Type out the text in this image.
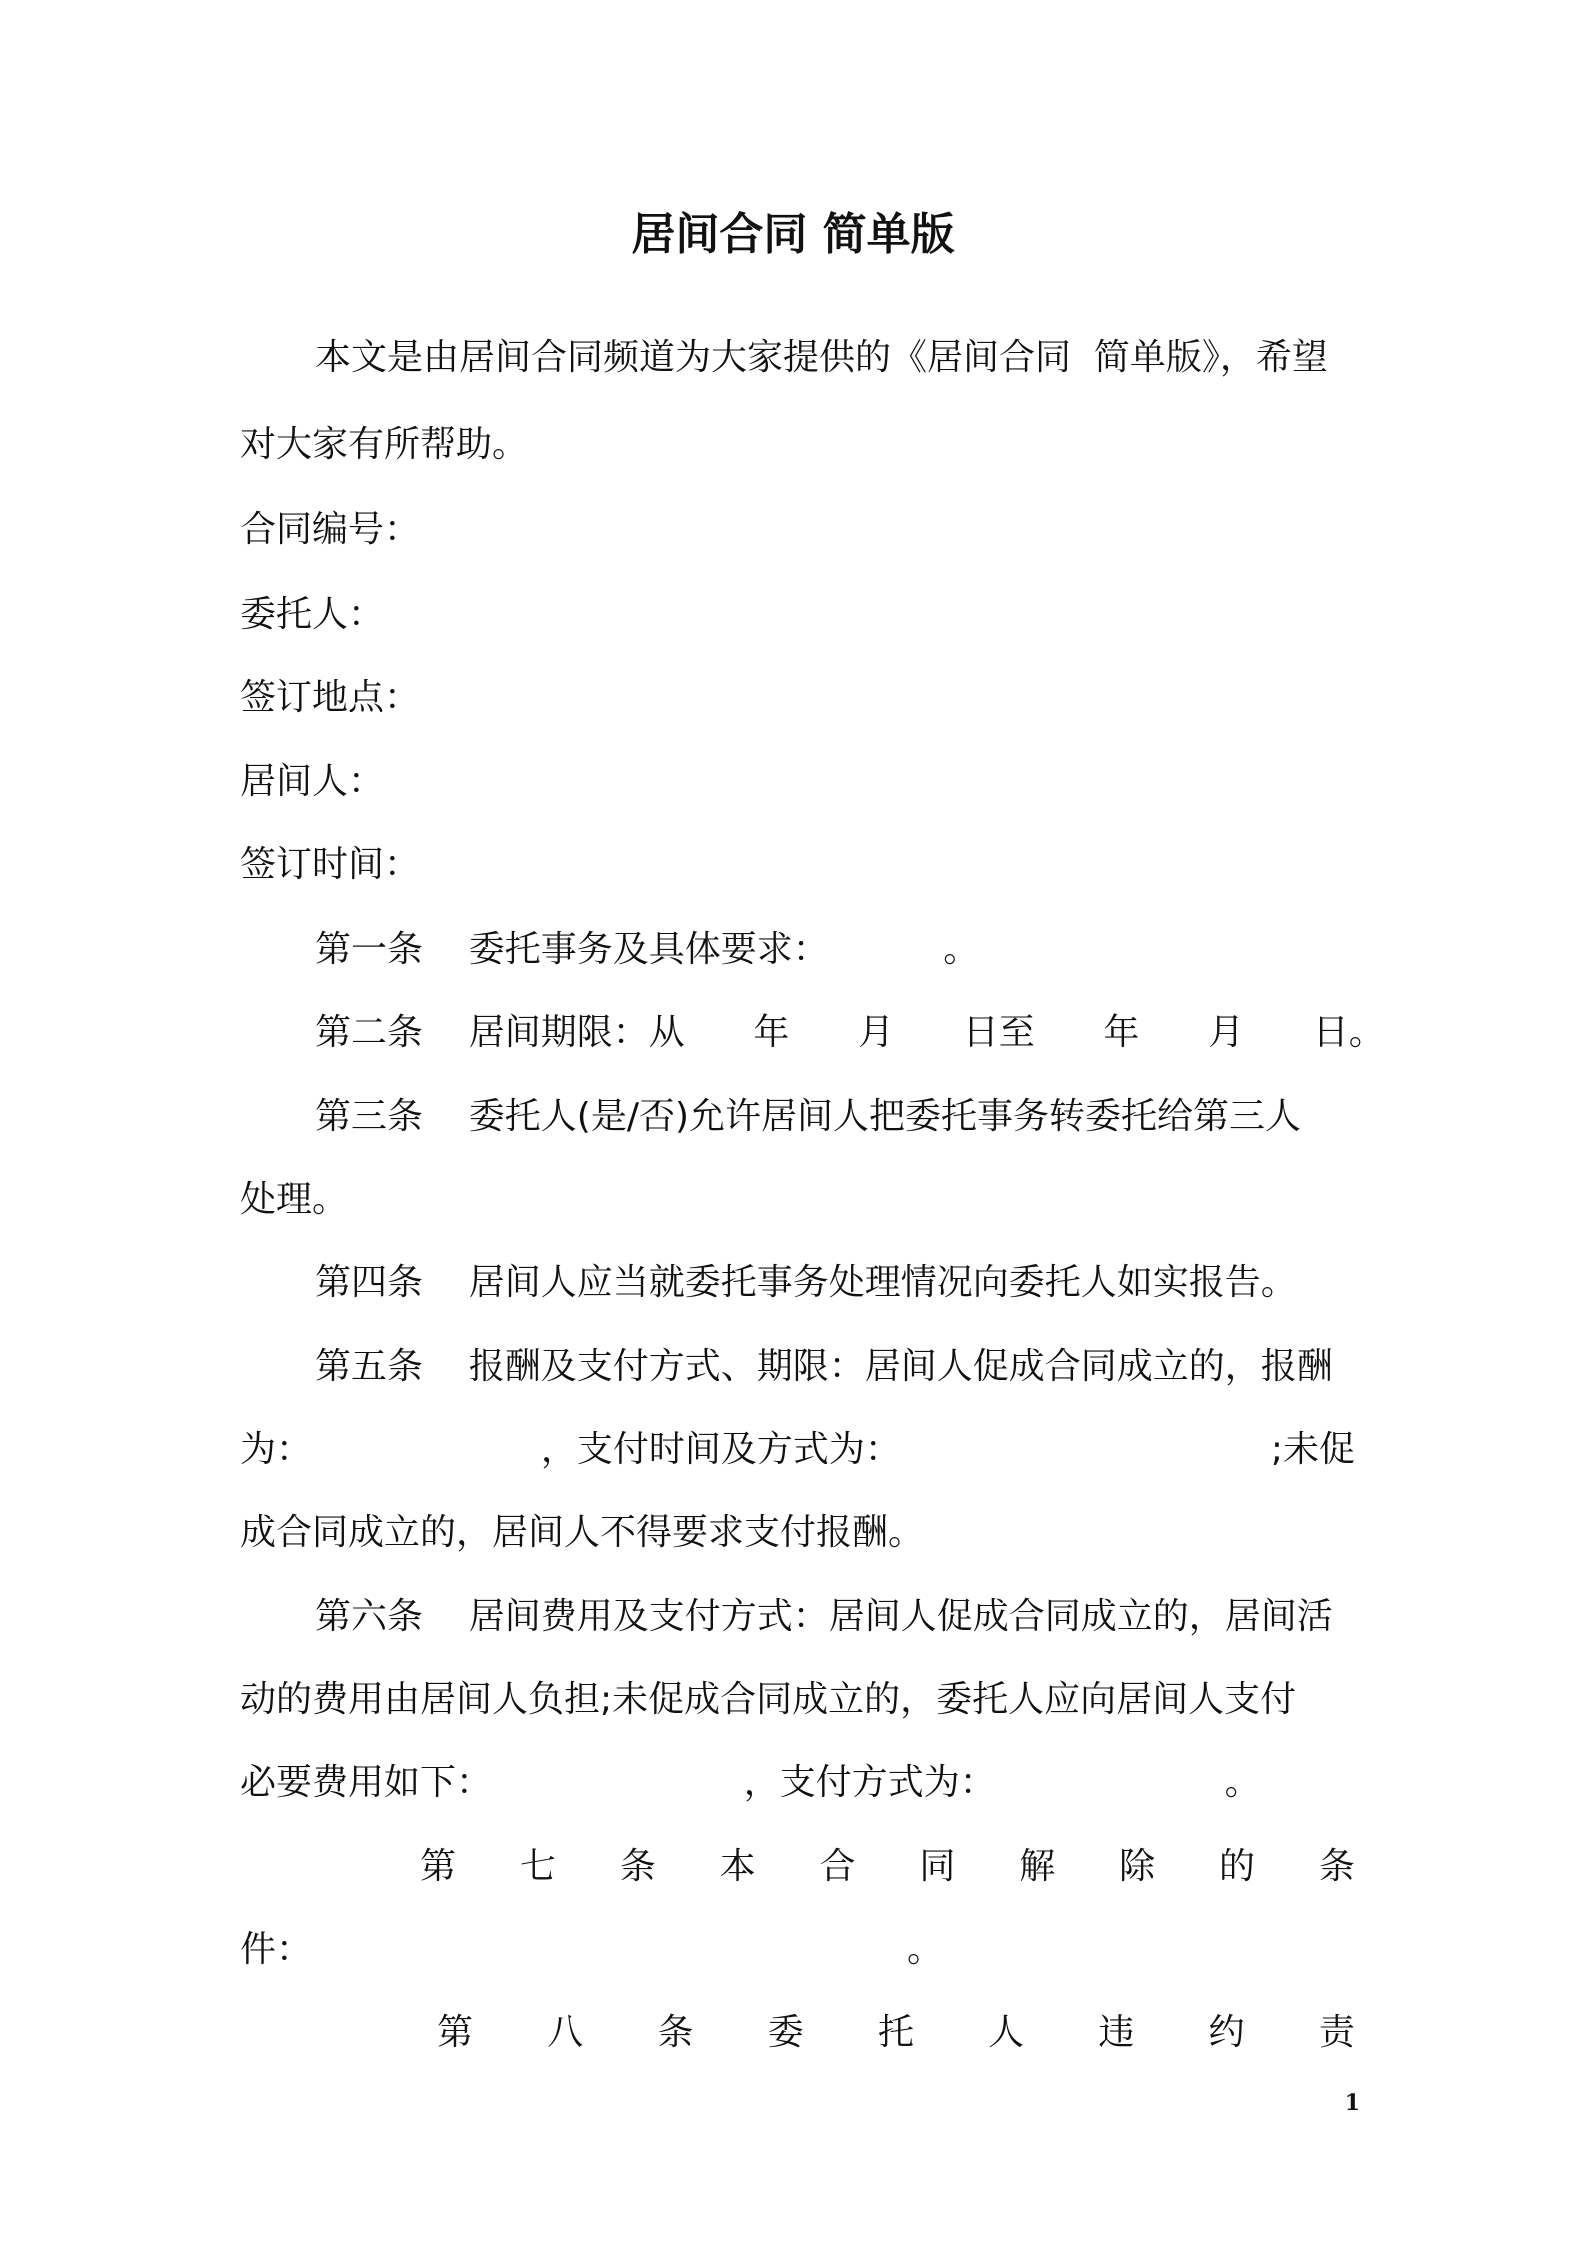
居间合同 简单版
本文是由居间合同频道为大家提供的《居间合同  简单版》，希望
对大家有所帮助。
合同编号：
委托人：
签订地点：
居间人：
签订时间：
第一条    委托事务及具体要求：          。
第二条    居间期限：从      年      月      日至      年      月      日。
第三条    委托人(是/否)允许居间人把委托事务转委托给第三人
处理。
第四条    居间人应当就委托事务处理情况向委托人如实报告。
第五条    报酬及支付方式、期限：居间人促成合同成立的，报酬
为：                    ，支付时间及方式为：	;未促
成合同成立的，居间人不得要求支付报酬。
第六条    居间费用及支付方式：居间人促成合同成立的，居间活
动的费用由居间人负担;未促成合同成立的，委托人应向居间人支付
必要费用如下：                      ，支付方式为：                    。
第 七 条 本 合 同 解 除 的 条
件：                                                    。
第 八 条 委 托 人 违 约 责
1
